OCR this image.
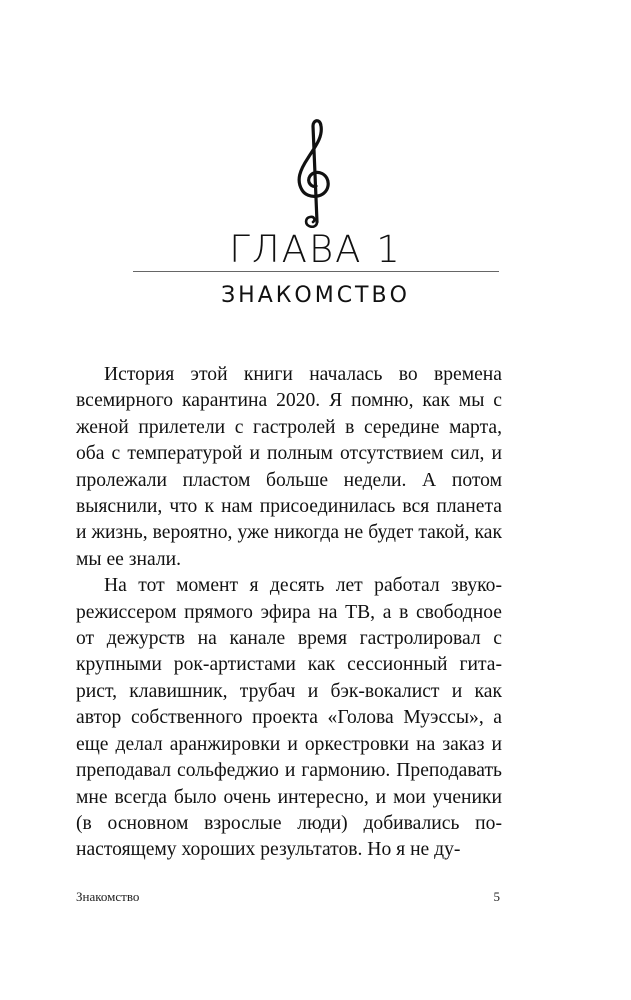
ГЛАВА 1
ЗНАКОМСТВО

История этой книги началась во времена всемирного карантина 2020. Я помню, как мы с женой прилетели с гастролей в середине марта, оба с температурой и полным отсутствием сил, и пролежали пластом больше недели. А потом выяснили, что к нам присоединилась вся планета и жизнь, вероятно, уже никогда не будет такой, как мы ее знали.

На тот момент я десять лет работал звукорежиссером прямого эфира на ТВ, а в свободное от дежурств на канале время гастролировал с крупными рок-артистами как сессионный гитарист, клавишник, трубач и бэк-вокалист и как автор собственного проекта «Голова Муэссы», а еще делал аранжировки и оркестровки на заказ и преподавал сольфеджио и гармонию. Преподавать мне всегда было очень интересно, и мои ученики (в основном взрослые люди) добивались по-настоящему хороших результатов. Но я не ду-

Знакомство	5
